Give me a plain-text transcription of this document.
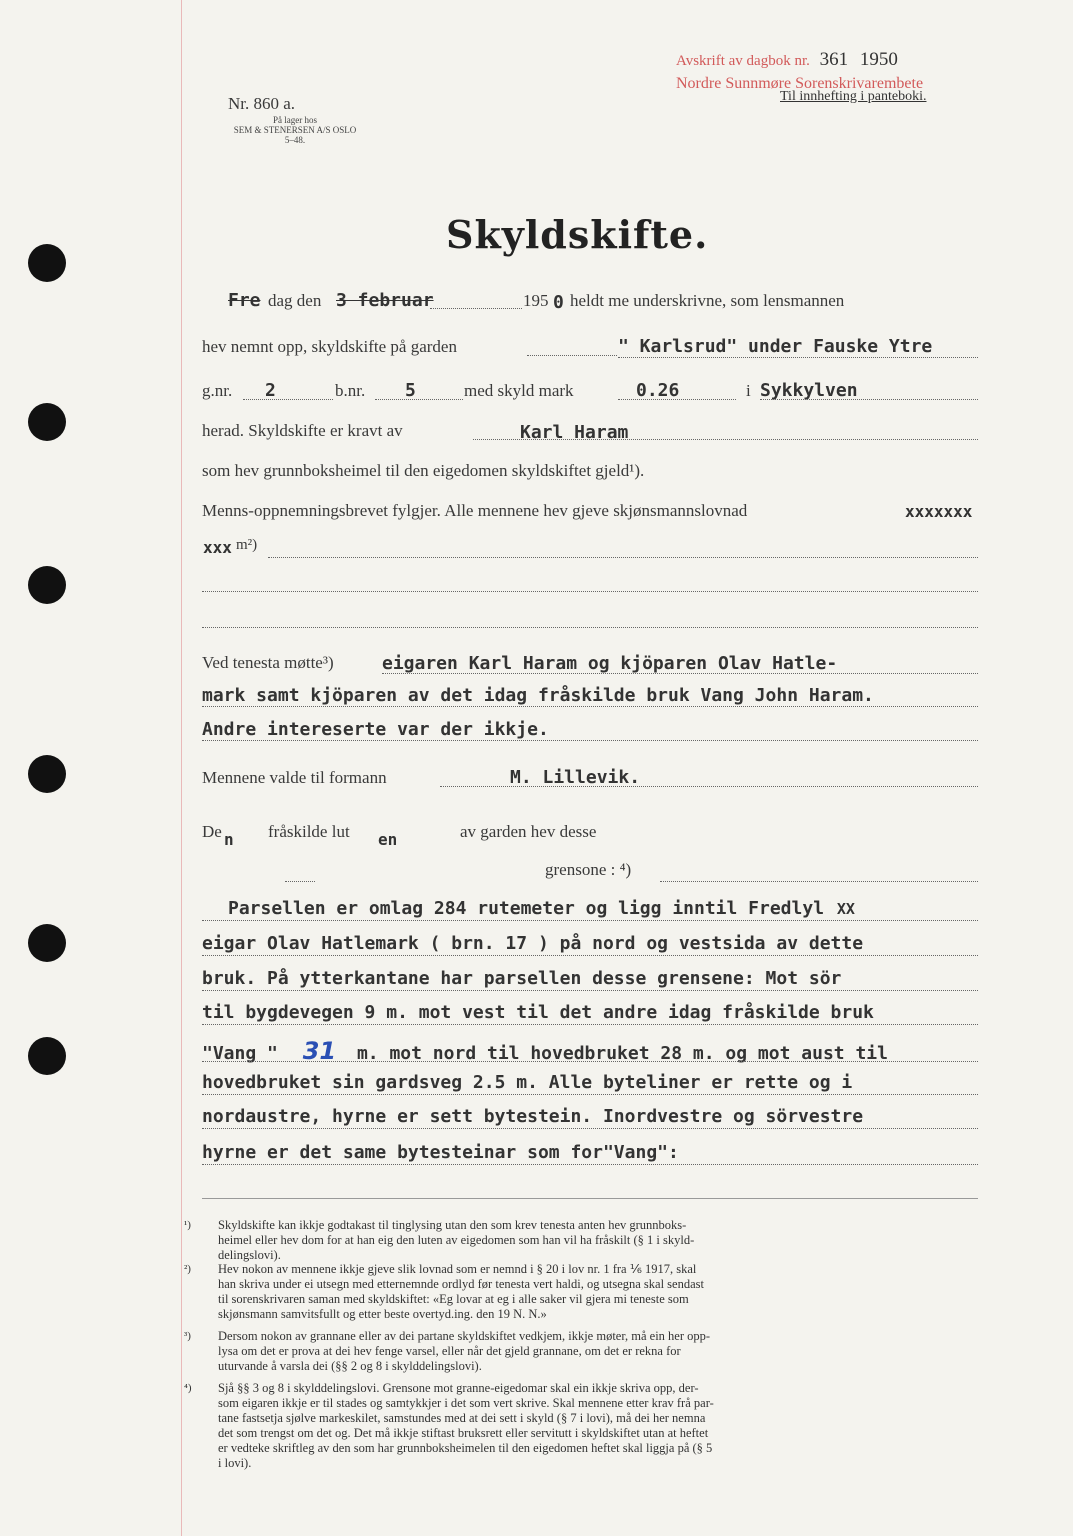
Avskrift av dagbok nr. 361 1950
Nordre Sunnmøre Sorenskrivarembete
Til innhefting i panteboki.
Nr. 860 a.
På lager hos
SEM & STENERSEN A/S OSLO
5–48.
Skyldskifte.
Fre dag den 3 februar	195 0 heldt me underskrivne, som lensmannen
hev nemnt opp, skyldskifte på garden	" Karlsrud" under Fauske Ytre
g.nr. 2	b.nr. 5	med skyld mark	0.26	i Sykkylven
herad. Skyldskifte er kravt av	Karl Haram
som hev grunnboksheimel til den eigedomen skyldskiftet gjeld¹).
Menns-oppnemningsbrevet fylgjer. Alle mennene hev gjeve skjønsmannslovnad	xxxxxxx
xxx m²)
Ved tenesta møtte³)	eigaren Karl Haram og kjöparen Olav Hatle-
mark samt kjöparen av det idag fråskilde bruk Vang John Haram.
Andre intereserte var der ikkje.
Mennene valde til formann	M. Lillevik.
De n fråskilde lut en	av garden hev desse
grensone : ⁴)
Parsellen er omlag 284 rutemeter og ligg inntil Fredlyl XX
eigar Olav Hatlemark ( brn. 17 ) på nord og vestsida av dette
bruk. På ytterkantane har parsellen desse grensene: Mot sör
til bygdevegen 9 m. mot vest til det andre idag fråskilde bruk
"Vang " 31 m. mot nord til hovedbruket 28 m. og mot aust til
hovedbruket sin gardsveg 2.5 m. Alle byteliner er rette og i
nordaustre, hyrne er sett bytestein. Inordvestre og sörvestre
hyrne er det same bytesteinar som for"Vang":
¹) Skyldskifte kan ikkje godtakast til tinglysing utan den som krev tenesta anten hev grunnboks-
heimel eller hev dom for at han eig den luten av eigedomen som han vil ha fråskilt (§ 1 i skyld-
delingslovi).
²) Hev nokon av mennene ikkje gjeve slik lovnad som er nemnd i § 20 i lov nr. 1 fra ⅙ 1917, skal
han skriva under ei utsegn med etternemnde ordlyd før tenesta vert haldi, og utsegna skal sendast
til sorenskrivaren saman med skyldskiftet: «Eg lovar at eg i alle saker vil gjera mi teneste som
skjønsmann samvitsfullt og etter beste overtyd.ing. den 19 N. N.»
³) Dersom nokon av grannane eller av dei partane skyldskiftet vedkjem, ikkje møter, må ein her opp-
lysa om det er prova at dei hev fenge varsel, eller når det gjeld grannane, om det er rekna for
uturvande å varsla dei (§§ 2 og 8 i skylddelingslovi).
⁴) Sjå §§ 3 og 8 i skylddelingslovi. Grensone mot granne-eigedomar skal ein ikkje skriva opp, der-
som eigaren ikkje er til stades og samtykkjer i det som vert skrive. Skal mennene etter krav frå par-
tane fastsetja sjølve markeskilet, samstundes med at dei sett i skyld (§ 7 i lovi), må dei her nemna
det som trengst om det og. Det må ikkje stiftast bruksrett eller servitutt i skyldskiftet utan at heftet
er vedteke skriftleg av den som har grunnboksheimelen til den eigedomen heftet skal liggja på (§ 5
i lovi).
